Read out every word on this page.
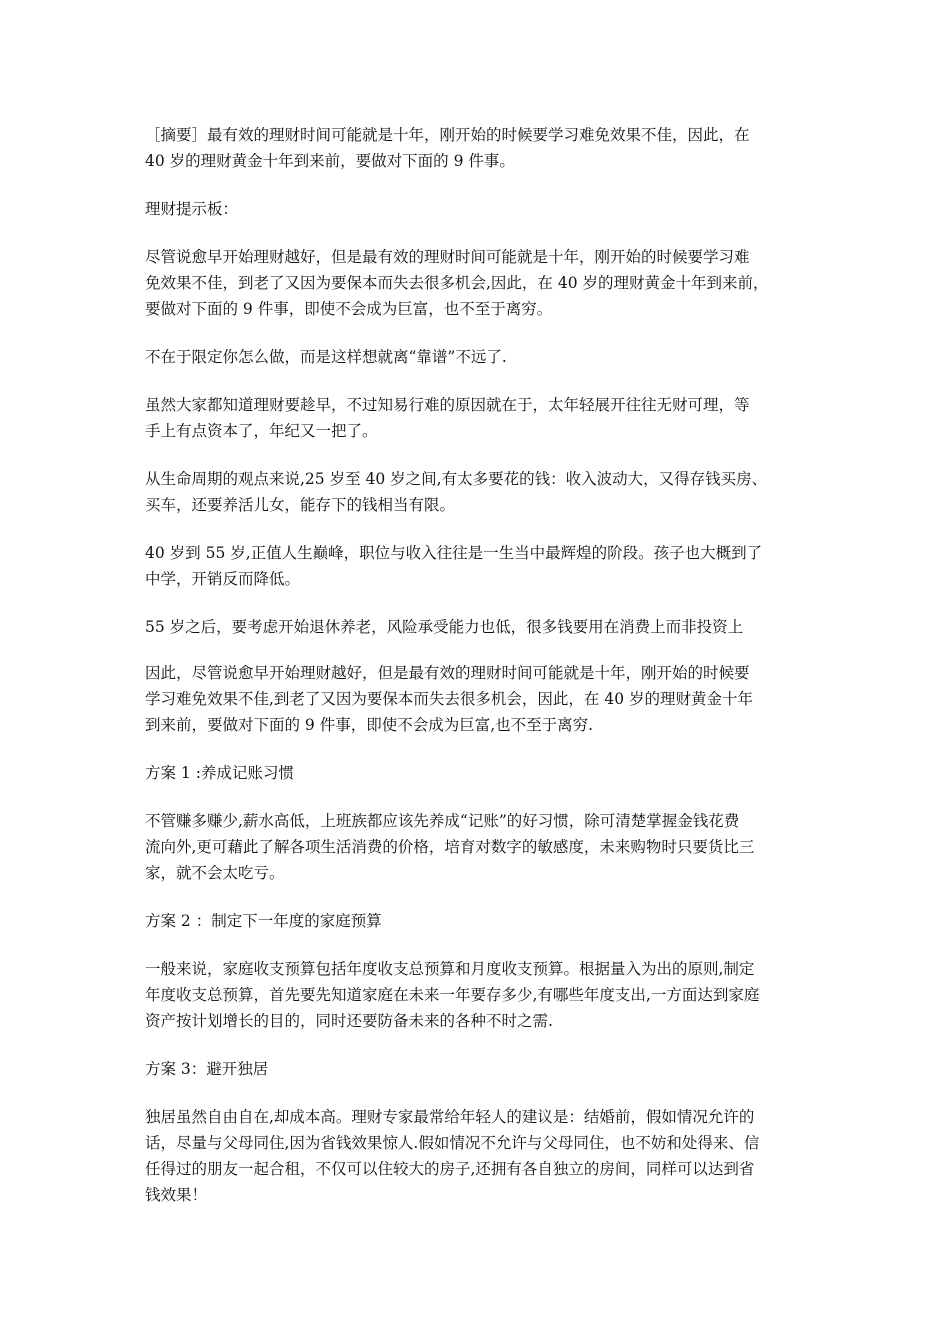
［摘要］最有效的理财时间可能就是十年，刚开始的时候要学习难免效果不佳，因此，在
40 岁的理财黄金十年到来前，要做对下面的 9 件事。
理财提示板：
尽管说愈早开始理财越好，但是最有效的理财时间可能就是十年，刚开始的时候要学习难
免效果不佳，到老了又因为要保本而失去很多机会,因此，在 40 岁的理财黄金十年到来前，
要做对下面的 9 件事，即使不会成为巨富，也不至于离穷。
不在于限定你怎么做，而是这样想就离“靠谱”不远了.
虽然大家都知道理财要趁早，不过知易行难的原因就在于，太年轻展开往往无财可理，等
手上有点资本了，年纪又一把了。
从生命周期的观点来说,25 岁至 40 岁之间,有太多要花的钱：收入波动大，又得存钱买房、
买车，还要养活儿女，能存下的钱相当有限。
40 岁到 55 岁,正值人生巅峰，职位与收入往往是一生当中最辉煌的阶段。孩子也大概到了
中学，开销反而降低。
55 岁之后，要考虑开始退休养老，风险承受能力也低，很多钱要用在消费上而非投资上
因此，尽管说愈早开始理财越好，但是最有效的理财时间可能就是十年，刚开始的时候要
学习难免效果不佳,到老了又因为要保本而失去很多机会，因此，在 40 岁的理财黄金十年
到来前，要做对下面的 9 件事，即使不会成为巨富,也不至于离穷.
方案 1 :养成记账习惯
不管赚多赚少,薪水高低，上班族都应该先养成“记账”的好习惯，除可清楚掌握金钱花费
流向外,更可藉此了解各项生活消费的价格，培育对数字的敏感度，未来购物时只要货比三
家，就不会太吃亏。
方案 2 ：制定下一年度的家庭预算
一般来说，家庭收支预算包括年度收支总预算和月度收支预算。根据量入为出的原则,制定
年度收支总预算，首先要先知道家庭在未来一年要存多少,有哪些年度支出,一方面达到家庭
资产按计划增长的目的，同时还要防备未来的各种不时之需.
方案 3：避开独居
独居虽然自由自在,却成本高。理财专家最常给年轻人的建议是：结婚前，假如情况允许的
话，尽量与父母同住,因为省钱效果惊人.假如情况不允许与父母同住，也不妨和处得来、信
任得过的朋友一起合租，不仅可以住较大的房子,还拥有各自独立的房间，同样可以达到省
钱效果！
